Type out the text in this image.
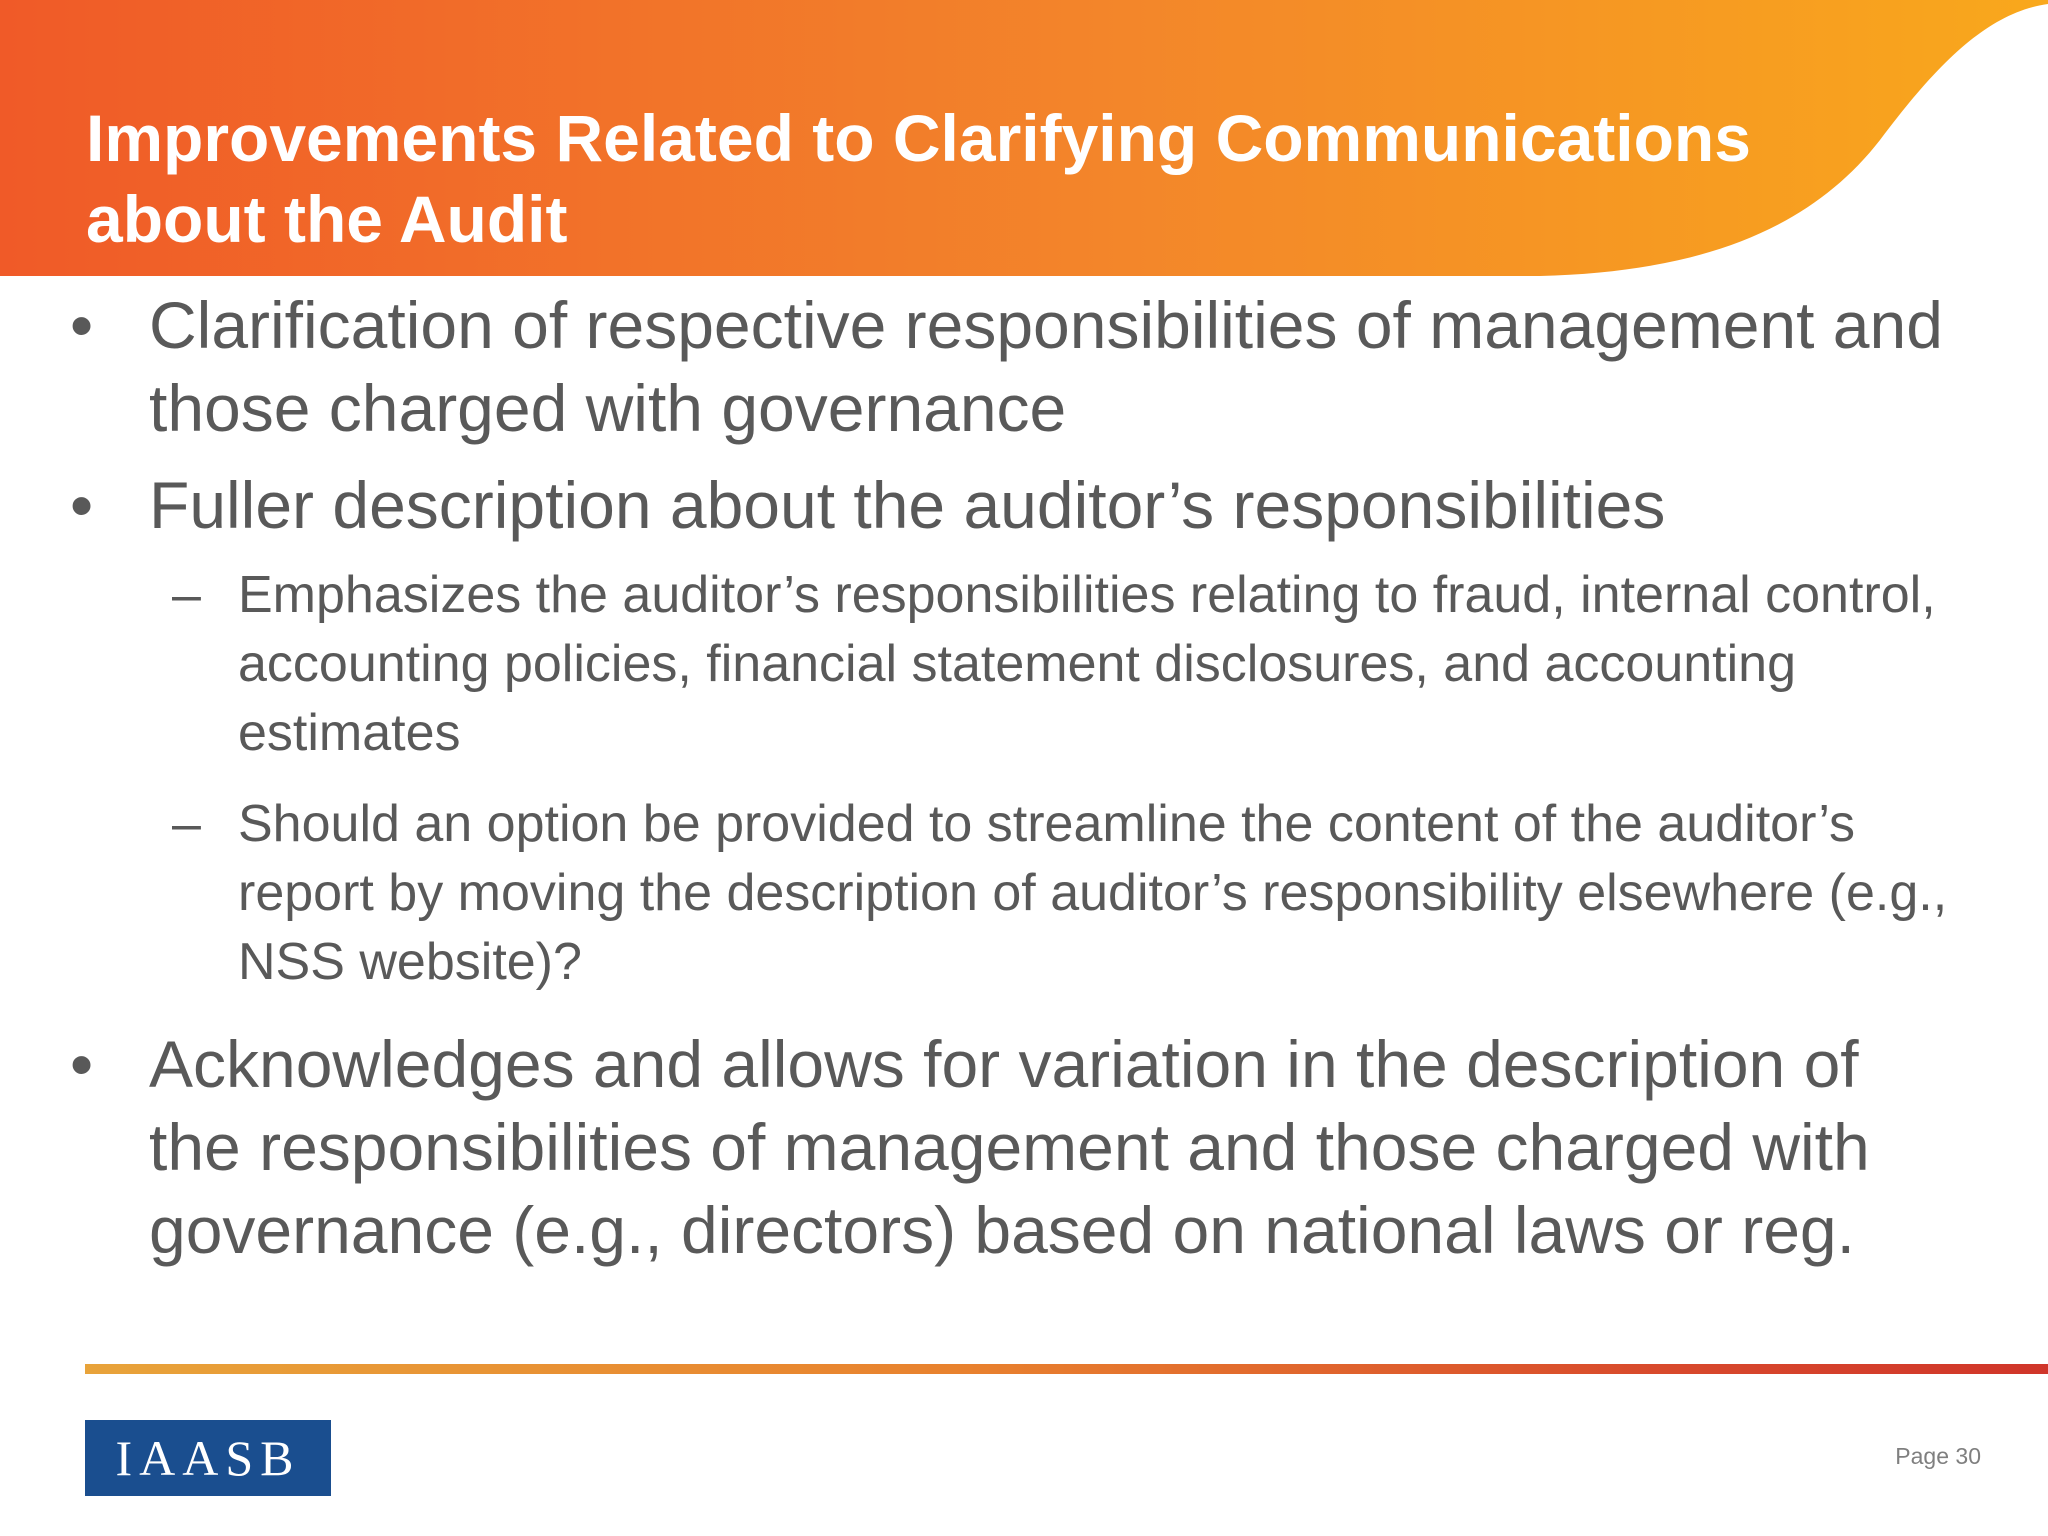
Improvements Related to Clarifying Communications about the Audit
• Clarification of respective responsibilities of management and those charged with governance
• Fuller description about the auditor’s responsibilities
– Emphasizes the auditor’s responsibilities relating to fraud, internal control, accounting policies, financial statement disclosures, and accounting estimates
– Should an option be provided to streamline the content of the auditor’s report by moving the description of auditor’s responsibility elsewhere (e.g., NSS website)?
• Acknowledges and allows for variation in the description of the responsibilities of management and those charged with governance (e.g., directors) based on national laws or reg.
IAASB	Page 30
